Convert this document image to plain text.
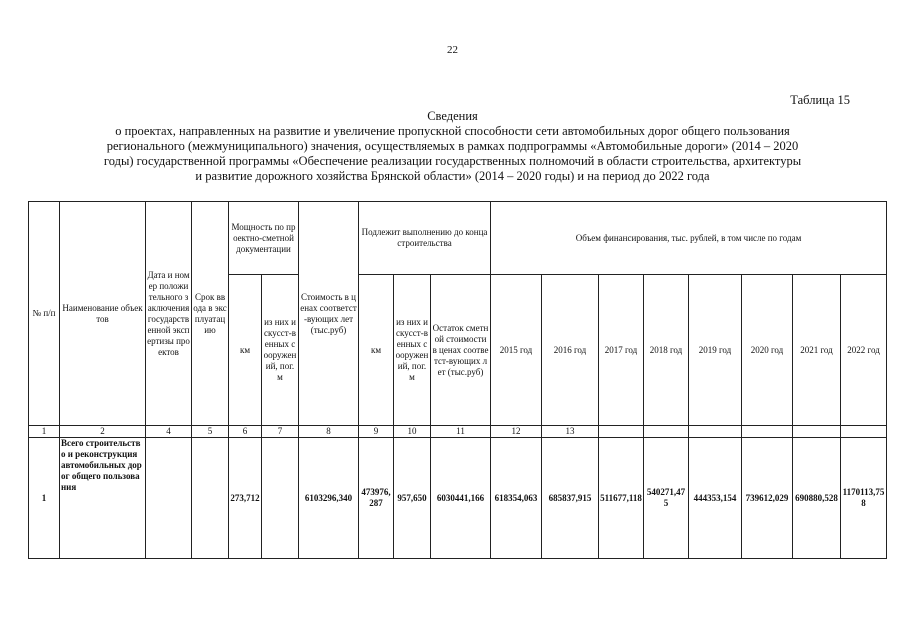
22
Таблица 15
Сведения
о проектах, направленных на развитие и увеличение пропускной способности сети автомобильных дорог общего пользования
регионального (межмуниципального) значения, осуществляемых в рамках подпрограммы «Автомобильные дороги» (2014 – 2020
годы) государственной программы «Обеспечение реализации государственных полномочий в области строительства, архитектуры
и развитие дорожного хозяйства Брянской области» (2014 – 2020 годы) и на период до 2022 года
№ п/п	Наименование объектов	Дата и номер положительного заключения государственной экспертизы проектов	Срок ввода в эксплуатацию	Мощность по проектно-сметной документации		Стоимость в ценах соответст-вующих лет (тыс.руб)	Подлежит выполнению до конца строительства			Объем финансирования, тыс. рублей, в том числе по годам							
				км	из них искусст-венных сооружений, пог.м		км	из них искусст-венных сооружений, пог.м	Остаток сметной стоимости в ценах соответст-вующих лет (тыс.руб)	2015 год	2016 год	2017 год	2018 год	2019 год	2020 год	2021 год	2022 год
1	2	4	5	6	7	8	9	10	11	12	13						
1	Всего строительство и реконструкция автомобильных дорог общего пользования			273,712		6103296,340	473976,287	957,650	6030441,166	618354,063	685837,915	511677,118	540271,475	444353,154	739612,029	690880,528	1170113,758
